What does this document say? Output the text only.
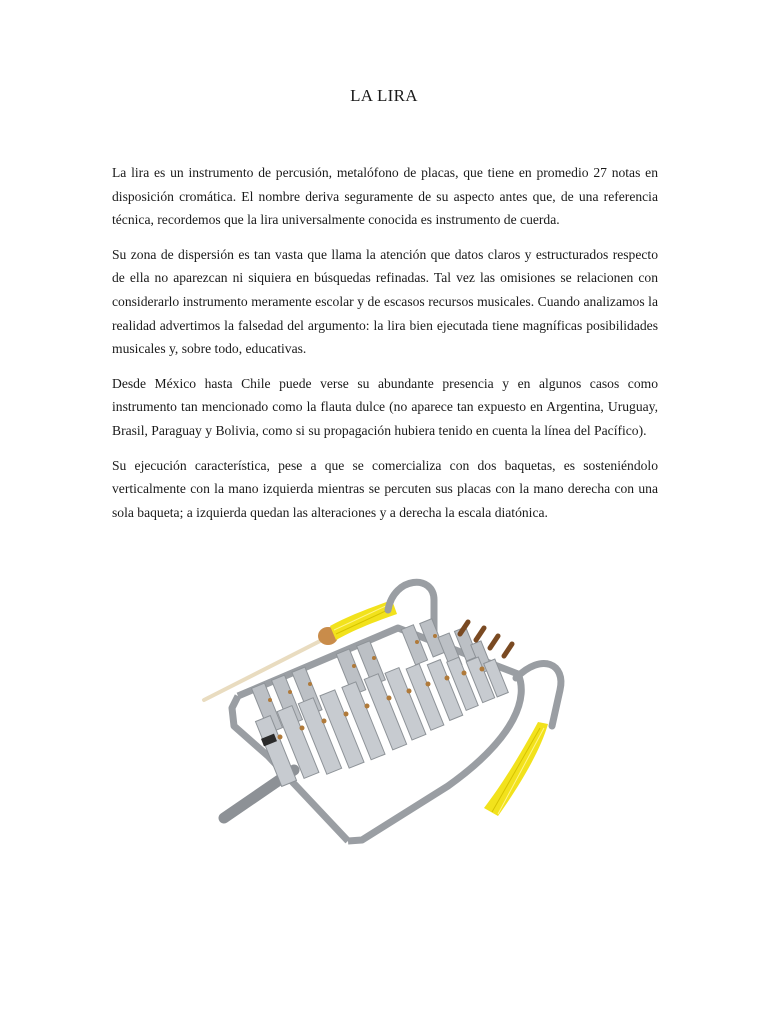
LA LIRA

La lira es un instrumento de percusión, metalófono de placas, que tiene en promedio 27 notas en disposición cromática. El nombre deriva seguramente de su aspecto antes que, de una referencia técnica, recordemos que la lira universalmente conocida es instrumento de cuerda.

Su zona de dispersión es tan vasta que llama la atención que datos claros y estructurados respecto de ella no aparezcan ni siquiera en búsquedas refinadas. Tal vez las omisiones se relacionen con considerarlo instrumento meramente escolar y de escasos recursos musicales. Cuando analizamos la realidad advertimos la falsedad del argumento: la lira bien ejecutada tiene magníficas posibilidades musicales y, sobre todo, educativas.

Desde México hasta Chile puede verse su abundante presencia y en algunos casos como instrumento tan mencionado como la flauta dulce (no aparece tan expuesto en Argentina, Uruguay, Brasil, Paraguay y Bolivia, como si su propagación hubiera tenido en cuenta la línea del Pacífico).

Su ejecución característica, pese a que se comercializa con dos baquetas, es sosteniéndolo verticalmente con la mano izquierda mientras se percuten sus placas con la mano derecha con una sola baqueta; a izquierda quedan las alteraciones y a derecha la escala diatónica.
